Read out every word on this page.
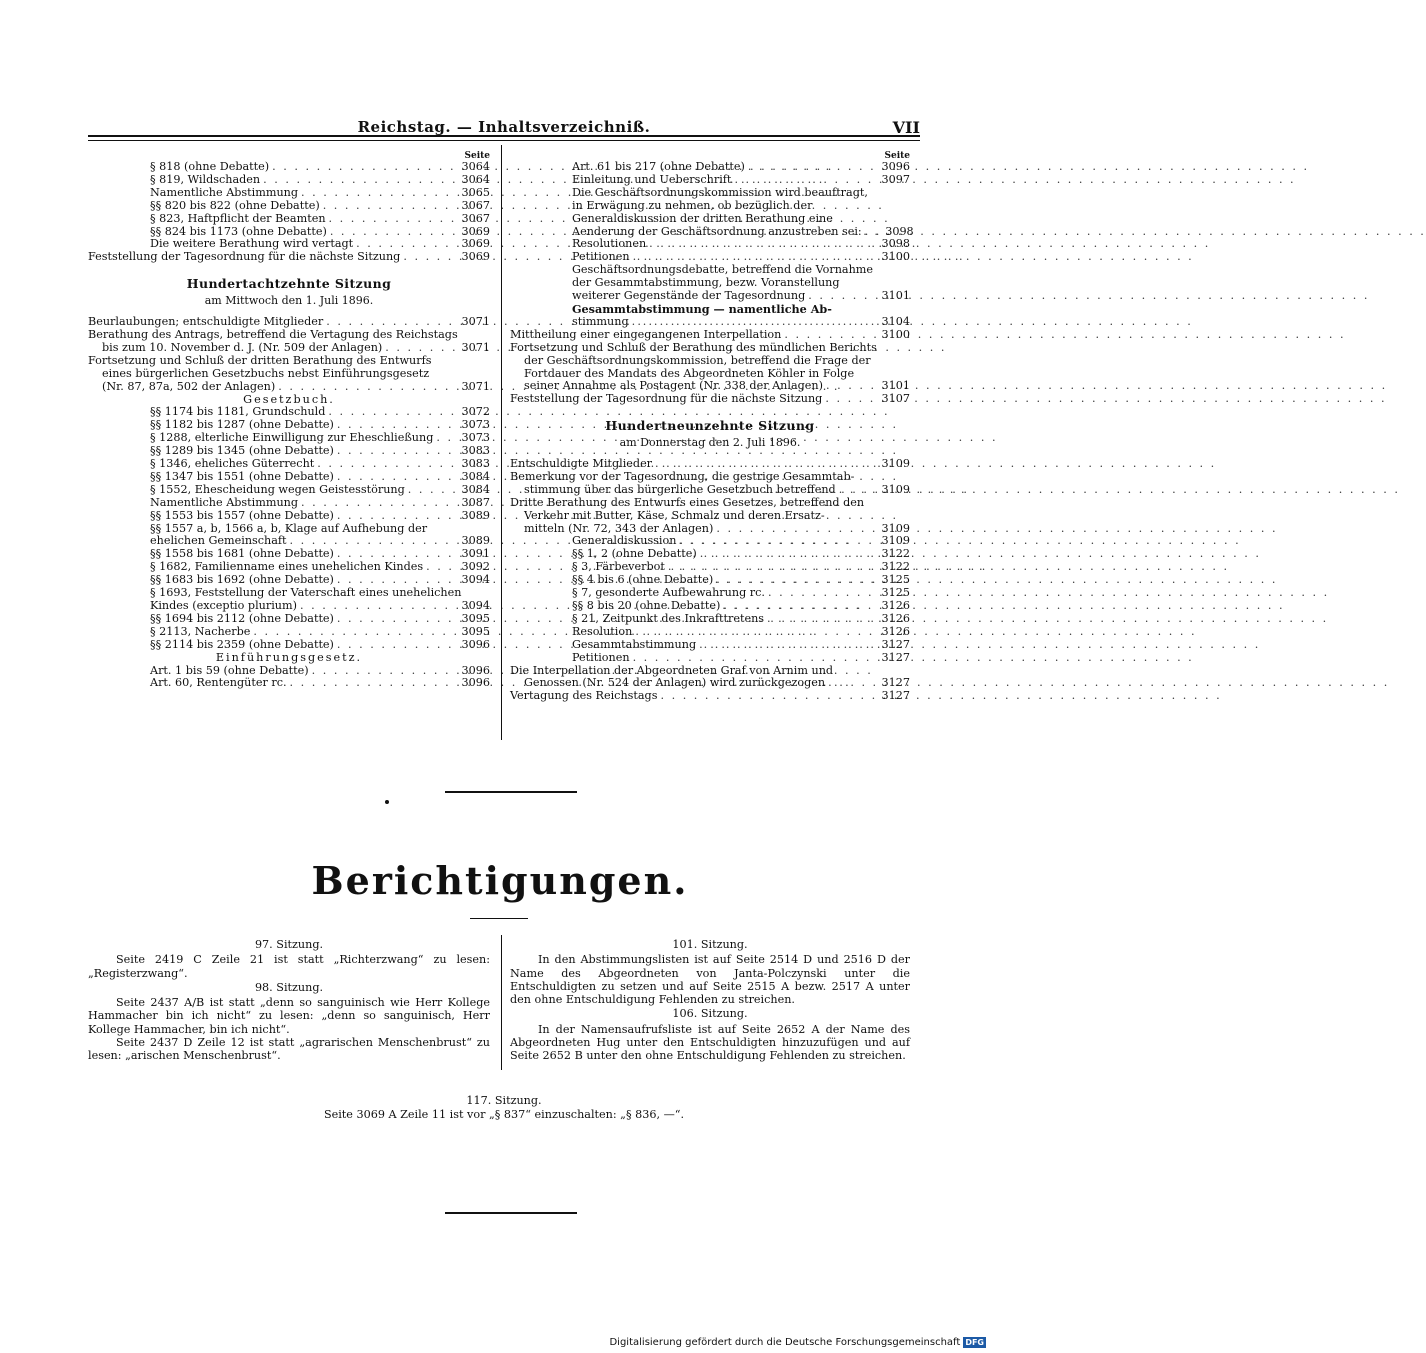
Reichstag. — Inhaltsverzeichniß.	VII
Seite
§ 818 (ohne Debatte) . . .	3064
§ 819, Wildschaden . . .	3064
Namentliche Abstimmung . . .	3065
§§ 820 bis 822 (ohne Debatte) . . .	3067
§ 823, Haftpflicht der Beamten . . .	3067
§§ 824 bis 1173 (ohne Debatte) . . .	3069
Die weitere Berathung wird vertagt . . .	3069
Feststellung der Tagesordnung für die nächste Sitzung . . .	3069
Hundertachtzehnte Sitzung
am Mittwoch den 1. Juli 1896.
Beurlaubungen; entschuldigte Mitglieder . . .	3071
Berathung des Antrags, betreffend die Vertagung des Reichstags
bis zum 10. November d. J. (Nr. 509 der Anlagen) . . .	3071
Fortsetzung und Schluß der dritten Berathung des Entwurfs
eines bürgerlichen Gesetzbuchs nebst Einführungsgesetz
(Nr. 87, 87a, 502 der Anlagen) . . .	3071
Gesetzbuch.
§§ 1174 bis 1181, Grundschuld . . .	3072
§§ 1182 bis 1287 (ohne Debatte) . . .	3073
§ 1288, elterliche Einwilligung zur Eheschließung . . .	3073
§§ 1289 bis 1345 (ohne Debatte) . . .	3083
§ 1346, eheliches Güterrecht . . .	3083
§§ 1347 bis 1551 (ohne Debatte) . . .	3084
§ 1552, Ehescheidung wegen Geistesstörung . . .	3084
Namentliche Abstimmung . . .	3087
§§ 1553 bis 1557 (ohne Debatte) . . .	3089
§§ 1557 a, b, 1566 a, b, Klage auf Aufhebung der
ehelichen Gemeinschaft . . .	3089
§§ 1558 bis 1681 (ohne Debatte) . . .	3091
§ 1682, Familienname eines unehelichen Kindes . . .	3092
§§ 1683 bis 1692 (ohne Debatte) . . .	3094
§ 1693, Feststellung der Vaterschaft eines unehelichen
Kindes (exceptio plurium) . . .	3094
§§ 1694 bis 2112 (ohne Debatte) . . .	3095
§ 2113, Nacherbe . . .	3095
§§ 2114 bis 2359 (ohne Debatte) . . .	3096
Einführungsgesetz.
Art. 1 bis 59 (ohne Debatte) . . .	3096
Art. 60, Rentengüter rc. . . .	3096
Seite
Art. 61 bis 217 (ohne Debatte) . . .	3096
Einleitung und Ueberschrift . . .	3097
Die Geschäftsordnungskommission wird beauftragt,
in Erwägung zu nehmen, ob bezüglich der
Generaldiskussion der dritten Berathung eine
Aenderung der Geschäftsordnung anzustreben sei: . . .	3098
Resolutionen . . .	3098
Petitionen . . .	3100
Geschäftsordnungsdebatte, betreffend die Vornahme
der Gesammtabstimmung, bezw. Voranstellung
weiterer Gegenstände der Tagesordnung . . .	3101
Gesammtabstimmung — namentliche Ab-
stimmung . . .	3104
Mittheilung einer eingegangenen Interpellation . . .	3100
Fortsetzung und Schluß der Berathung des mündlichen Berichts
der Geschäftsordnungskommission, betreffend die Frage der
Fortdauer des Mandats des Abgeordneten Köhler in Folge
seiner Annahme als Postagent (Nr. 338 der Anlagen) . . .	3101
Feststellung der Tagesordnung für die nächste Sitzung . . .	3107
Hundertneunzehnte Sitzung
am Donnerstag den 2. Juli 1896.
Entschuldigte Mitglieder . . .	3109
Bemerkung vor der Tagesordnung, die gestrige Gesammtab-
stimmung über das bürgerliche Gesetzbuch betreffend . . .	3109
Dritte Berathung des Entwurfs eines Gesetzes, betreffend den
Verkehr mit Butter, Käse, Schmalz und deren Ersatz-
mitteln (Nr. 72, 343 der Anlagen) . . .	3109
Generaldiskussion . . .	3109
§§ 1, 2 (ohne Debatte) . . .	3122
§ 3, Färbeverbot . . .	3122
§§ 4 bis 6 (ohne Debatte) . . .	3125
§ 7, gesonderte Aufbewahrung rc. . . .	3125
§§ 8 bis 20 (ohne Debatte) . . .	3126
§ 21, Zeitpunkt des Inkrafttretens . . .	3126
Resolution . . .	3126
Gesammtabstimmung . . .	3127
Petitionen . . .	3127
Die Interpellation der Abgeordneten Graf von Arnim und
Genossen (Nr. 524 der Anlagen) wird zurückgezogen . . .	3127
Vertagung des Reichstags . . .	3127
Berichtigungen.
97. Sitzung.

Seite 2419 C Zeile 21 ist statt „Richterzwang“ zu lesen: „Registerzwang“.

98. Sitzung.

Seite 2437 A/B ist statt „denn so sanguinisch wie Herr Kollege Hammacher bin ich nicht“ zu lesen: „denn so sanguinisch, Herr Kollege Hammacher, bin ich nicht“.

Seite 2437 D Zeile 12 ist statt „agrarischen Menschenbrust“ zu lesen: „arischen Menschenbrust“.

101. Sitzung.

In den Abstimmungslisten ist auf Seite 2514 D und 2516 D der Name des Abgeordneten von Janta-Polczynski unter die Entschuldigten zu setzen und auf Seite 2515 A bezw. 2517 A unter den ohne Entschuldigung Fehlenden zu streichen.

106. Sitzung.

In der Namensaufrufsliste ist auf Seite 2652 A der Name des Abgeordneten Hug unter den Entschuldigten hinzuzufügen und auf Seite 2652 B unter den ohne Entschuldigung Fehlenden zu streichen.

117. Sitzung.
Seite 3069 A Zeile 11 ist vor „§ 837“ einzuschalten: „§ 836, —“.
Digitalisierung gefördert durch die Deutsche Forschungsgemeinschaft DFG
